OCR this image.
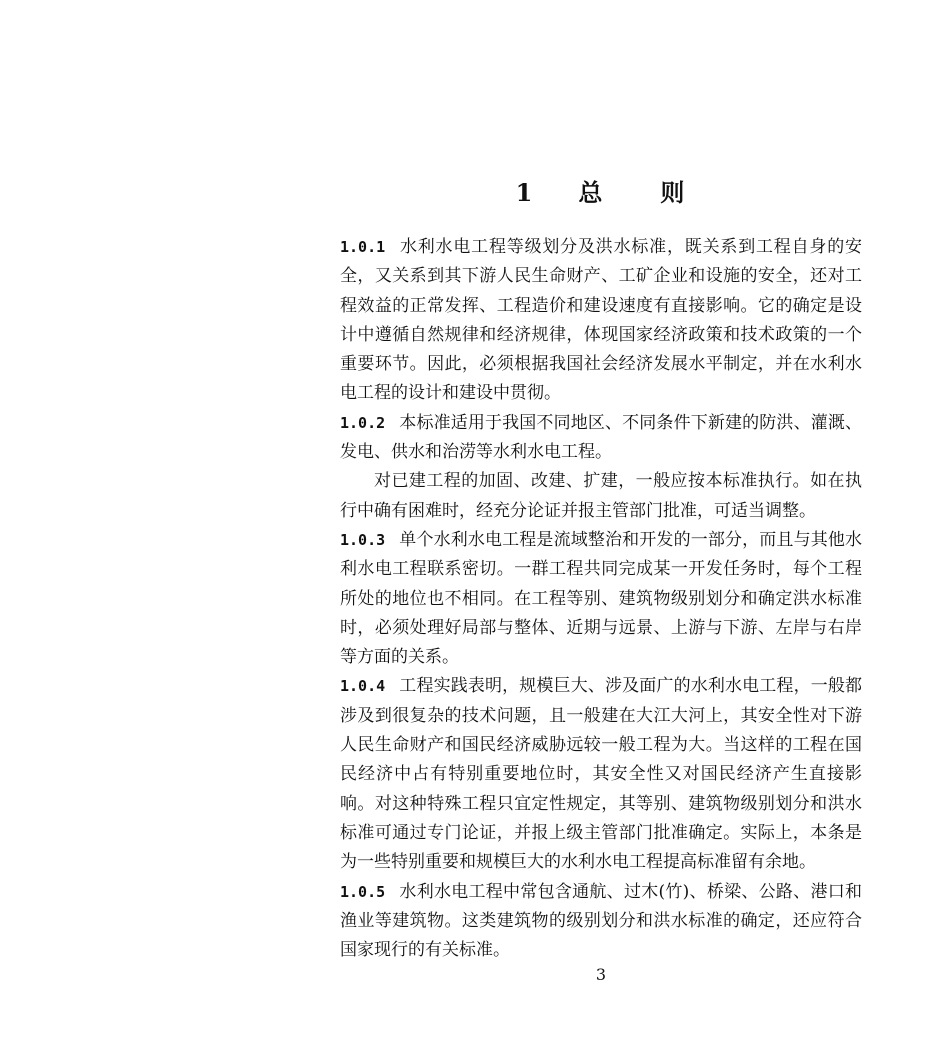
1 总 则

1.0.1 水利水电工程等级划分及洪水标准，既关系到工程自身的安全，又关系到其下游人民生命财产、工矿企业和设施的安全，还对工程效益的正常发挥、工程造价和建设速度有直接影响。它的确定是设计中遵循自然规律和经济规律，体现国家经济政策和技术政策的一个重要环节。因此，必须根据我国社会经济发展水平制定，并在水利水电工程的设计和建设中贯彻。

1.0.2 本标准适用于我国不同地区、不同条件下新建的防洪、灌溉、发电、供水和治涝等水利水电工程。

对已建工程的加固、改建、扩建，一般应按本标准执行。如在执行中确有困难时，经充分论证并报主管部门批准，可适当调整。

1.0.3 单个水利水电工程是流域整治和开发的一部分，而且与其他水利水电工程联系密切。一群工程共同完成某一开发任务时，每个工程所处的地位也不相同。在工程等别、建筑物级别划分和确定洪水标准时，必须处理好局部与整体、近期与远景、上游与下游、左岸与右岸等方面的关系。

1.0.4 工程实践表明，规模巨大、涉及面广的水利水电工程，一般都涉及到很复杂的技术问题，且一般建在大江大河上，其安全性对下游人民生命财产和国民经济威胁远较一般工程为大。当这样的工程在国民经济中占有特别重要地位时，其安全性又对国民经济产生直接影响。对这种特殊工程只宜定性规定，其等别、建筑物级别划分和洪水标准可通过专门论证，并报上级主管部门批准确定。实际上，本条是为一些特别重要和规模巨大的水利水电工程提高标准留有余地。

1.0.5 水利水电工程中常包含通航、过木(竹)、桥梁、公路、港口和渔业等建筑物。这类建筑物的级别划分和洪水标准的确定，还应符合国家现行的有关标准。

3
